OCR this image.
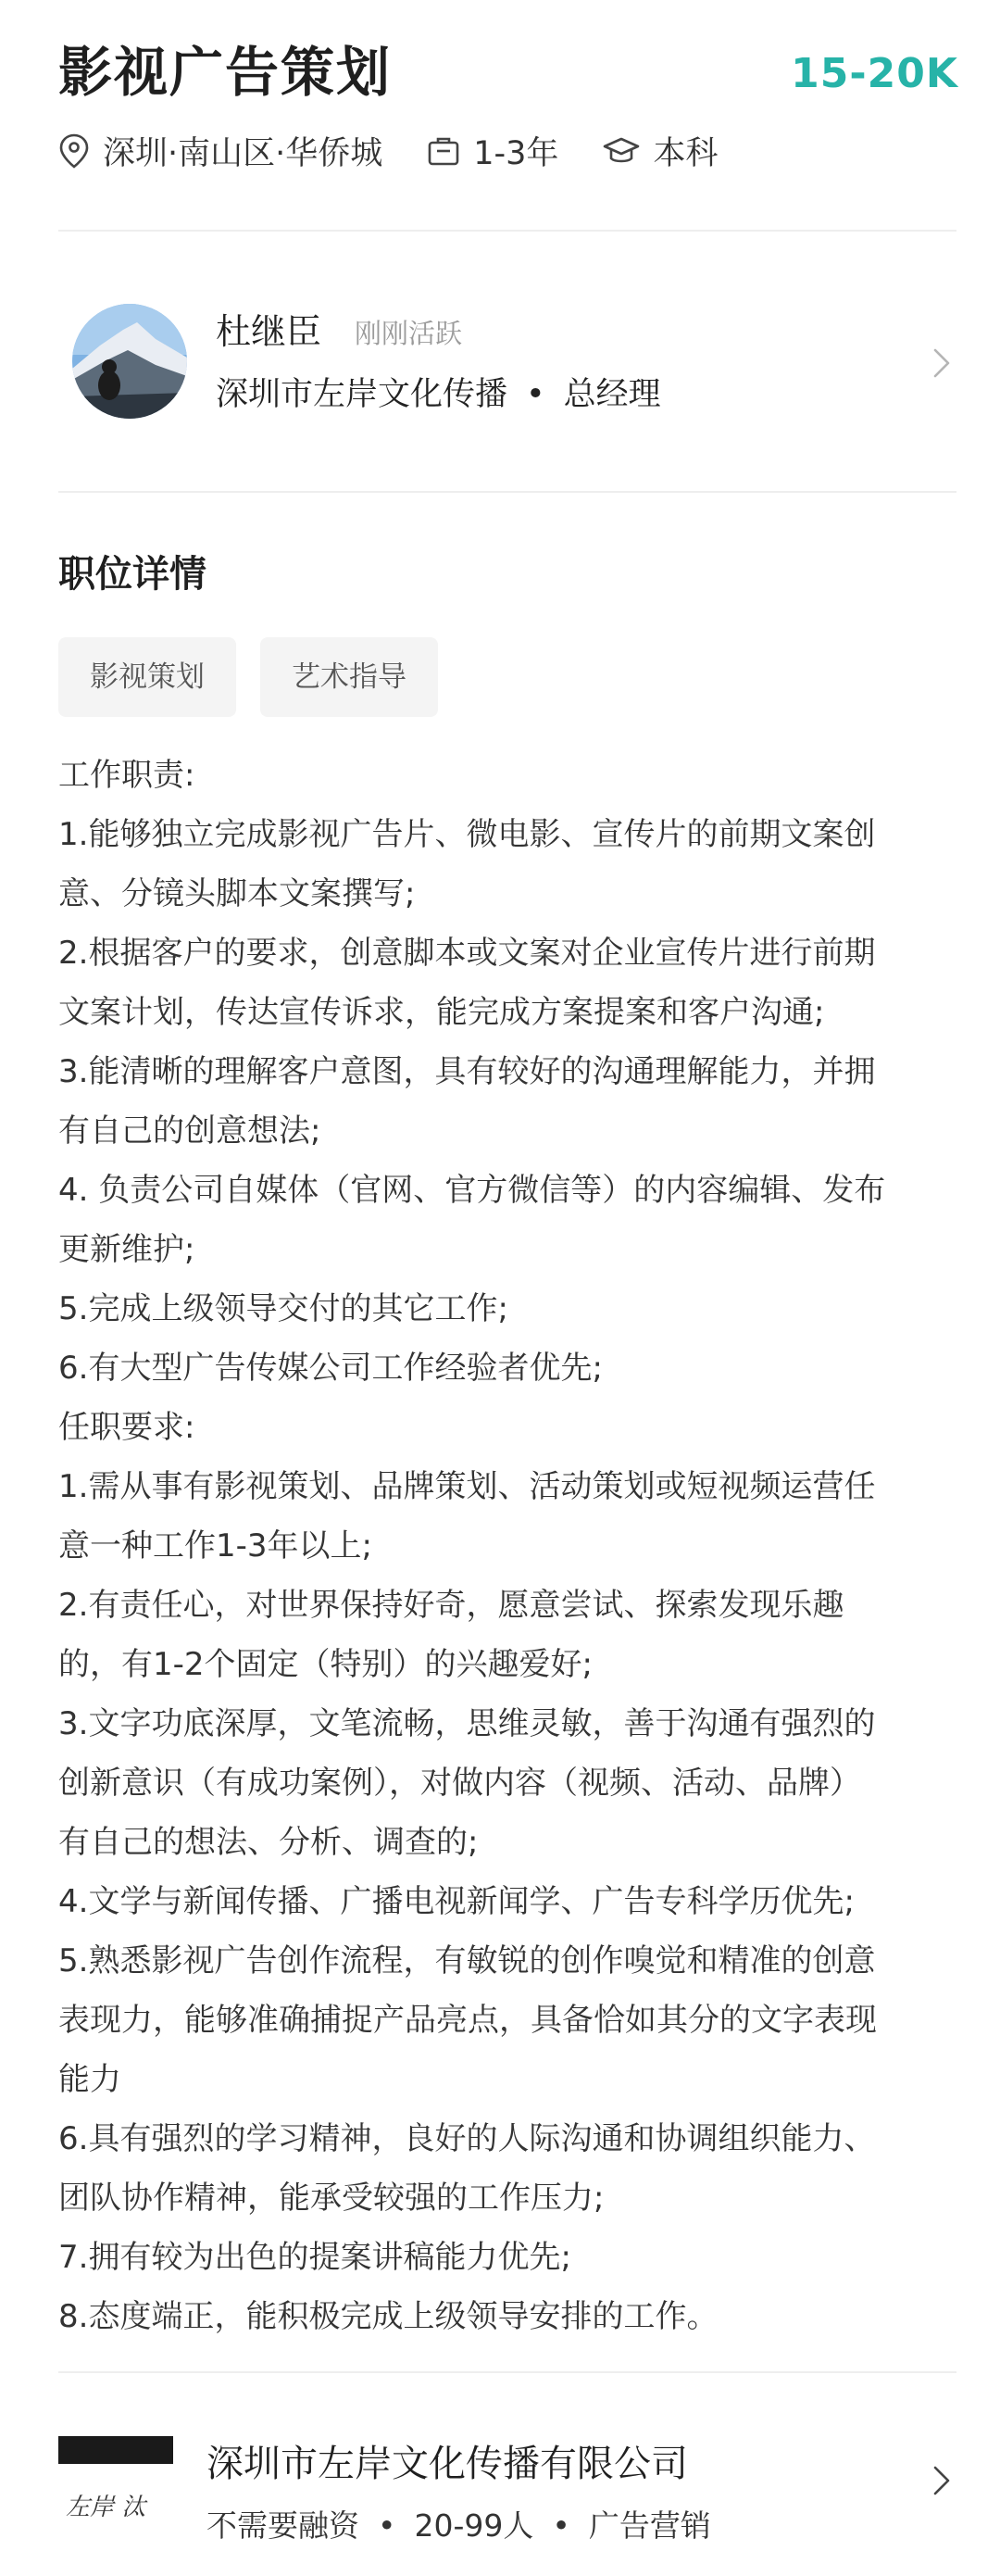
影视广告策划	15-20K
深圳·南山区·华侨城	1-3年	本科
杜继臣 刚刚活跃
深圳市左岸文化传播 • 总经理
职位详情
影视策划	艺术指导
工作职责:
1.能够独立完成影视广告片、微电影、宣传片的前期文案创
意、分镜头脚本文案撰写;
2.根据客户的要求，创意脚本或文案对企业宣传片进行前期
文案计划，传达宣传诉求，能完成方案提案和客户沟通;
3.能清晰的理解客户意图，具有较好的沟通理解能力，并拥
有自己的创意想法;
4. 负责公司自媒体（官网、官方微信等）的内容编辑、发布
更新维护;
5.完成上级领导交付的其它工作;
6.有大型广告传媒公司工作经验者优先;
任职要求:
1.需从事有影视策划、品牌策划、活动策划或短视频运营任
意一种工作1-3年以上;
2.有责任心，对世界保持好奇，愿意尝试、探索发现乐趣
的，有1-2个固定（特别）的兴趣爱好;
3.文字功底深厚，文笔流畅，思维灵敏，善于沟通有强烈的
创新意识（有成功案例），对做内容（视频、活动、品牌）
有自己的想法、分析、调查的;
4.文学与新闻传播、广播电视新闻学、广告专科学历优先;
5.熟悉影视广告创作流程，有敏锐的创作嗅觉和精准的创意
表现力，能够准确捕捉产品亮点，具备恰如其分的文字表现
能力
6.具有强烈的学习精神，良好的人际沟通和协调组织能力、
团队协作精神，能承受较强的工作压力;
7.拥有较为出色的提案讲稿能力优先;
8.态度端正，能积极完成上级领导安排的工作。
左岸 汰
深圳市左岸文化传播有限公司
不需要融资 • 20-99人 • 广告营销
